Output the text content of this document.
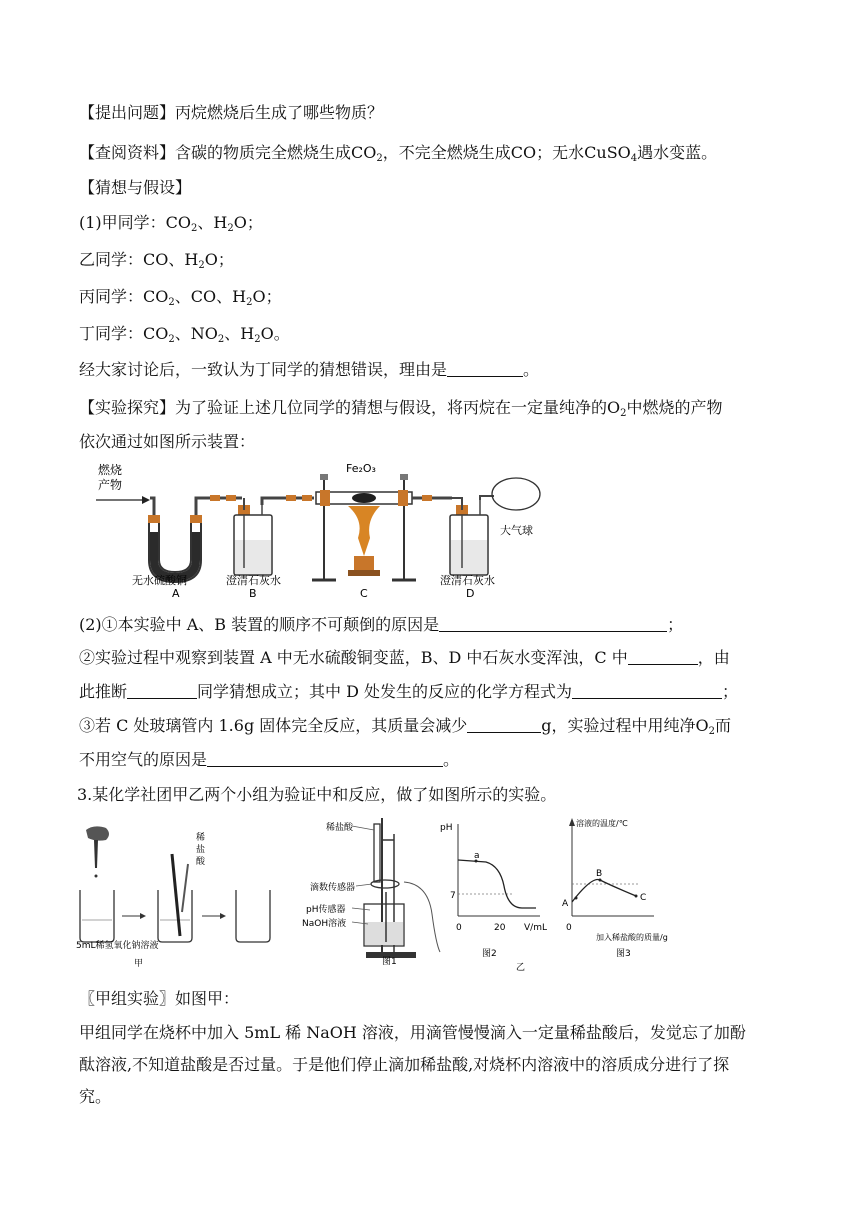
【提出问题】丙烷燃烧后生成了哪些物质？
【查阅资料】含碳的物质完全燃烧生成$CO_2$，不完全燃烧生成CO；无水CuSO$_4$遇水变蓝。
【猜想与假设】
(1)甲同学：$CO_2$、$H_2O$；
乙同学：CO、$H_2O$；
丙同学：$CO_2$、CO、$H_2O$；
丁同学：$CO_2$、$NO_2$、$H_2O$。
经大家讨论后，一致认为丁同学的猜想错误，理由是	。
【实验探究】为了验证上述几位同学的猜想与假设，将丙烷在一定量纯净的$O_2$中燃烧的产物
依次通过如图所示装置：
燃烧
产物
无水硫酸铜
A
澄清石灰水
B
Fe₂O₃
C
澄清石灰水
D
大气球
(2)①本实验中 A、B 装置的顺序不可颠倒的原因是	；
②实验过程中观察到装置 A 中无水硫酸铜变蓝，B、D 中石灰水变浑浊，C 中	，由
此推断	同学猜想成立；其中 D 处发生的反应的化学方程式为	；
③若 C 处玻璃管内 1.6g 固体完全反应，其质量会减少	g，实验过程中用纯净$O_2$而
不用空气的原因是	。
3.某化学社团甲乙两个小组为验证中和反应，做了如图所示的实验。
稀
盐
酸
5mL稀氢氧化钠溶液
甲
稀盐酸
滴数传感器
pH传感器
NaOH溶液
图1
pH
a
7
0	20 V/mL
图2
乙
溶液的温度/℃
A
B
C
0
加入稀盐酸的质量/g
图3
〖甲组实验〗如图甲：
甲组同学在烧杯中加入 5mL 稀 NaOH 溶液，用滴管慢慢滴入一定量稀盐酸后，发觉忘了加酚
酞溶液,不知道盐酸是否过量。于是他们停止滴加稀盐酸,对烧杯内溶液中的溶质成分进行了探
究。
